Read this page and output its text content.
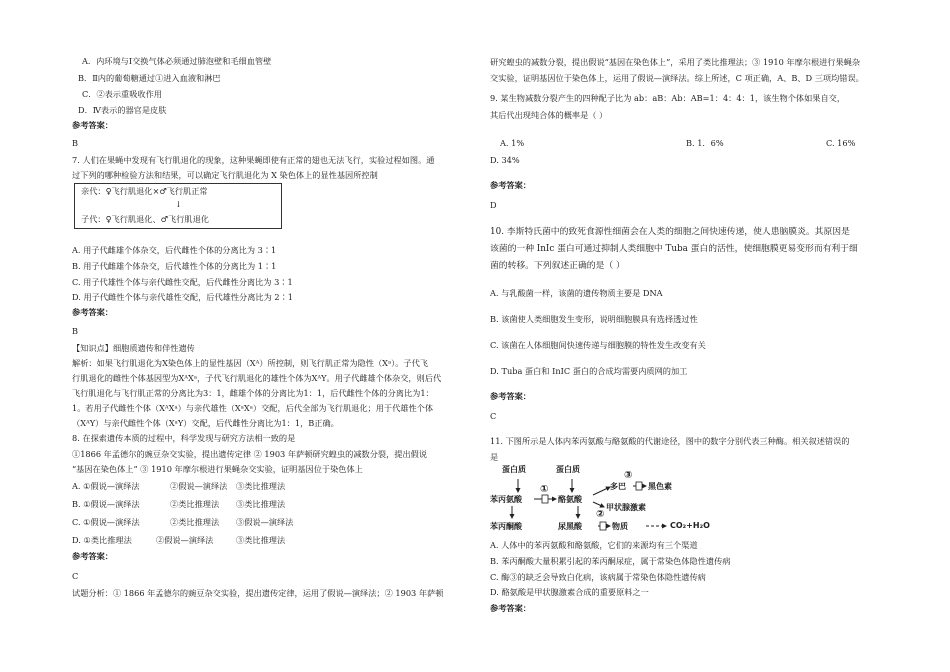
A．内环境与Ⅰ交换气体必须通过肺泡壁和毛细血管壁
B．Ⅱ内的葡萄糖通过①进入血液和淋巴
C．②表示重吸收作用
D．Ⅳ表示的器官是皮肤
参考答案：
B
7. 人们在果蝇中发现有飞行肌退化的现象，这种果蝇即使有正常的翅也无法飞行，实验过程如图。通
过下列的哪种检验方法和结果，可以确定飞行肌退化为 X 染色体上的显性基因所控制
亲代：♀飞行肌退化×♂飞行肌正常
↓
子代：♀飞行肌退化、♂飞行肌退化
A. 用子代雌雄个体杂交，后代雌性个体的分离比为 3∶1
B. 用子代雌雄个体杂交，后代雄性个体的分离比为 1∶1
C. 用子代雄性个体与亲代雌性交配，后代雌性分离比为 3∶1
D. 用子代雌性个体与亲代雄性交配，后代雄性分离比为 2∶1
参考答案：
B
【知识点】细胞质遗传和伴性遗传
解析：如果飞行肌退化为X染色体上的显性基因（Xᴬ）所控制，则飞行肌正常为隐性（Xᵃ）。子代飞
行肌退化的雌性个体基因型为XᴬXᵃ，子代飞行肌退化的雄性个体为XᴬY。用子代雌雄个体杂交，则后代
飞行肌退化与飞行肌正常的分离比为3：1，雌雄个体的分离比为1：1，后代雌性个体的分离比为1：
1。若用子代雌性个体（XᴬXᵃ）与亲代雄性（XᵃXᵃ）交配，后代全部为飞行肌退化；用于代雄性个体
（XᴬY）与亲代雌性个体（XᵃY）交配，后代雌性分离比为1：1，B正确。
8. 在探索遗传本质的过程中，科学发现与研究方法相一致的是
①1866 年孟德尔的豌豆杂交实验，提出遗传定律 ② 1903 年萨顿研究蝗虫的减数分裂，提出假说
“基因在染色体上” ③ 1910 年摩尔根进行果蝇杂交实验，证明基因位于染色体上
A. ①假说—演绎法	②假说—演绎法 ③类比推理法
B. ①假说—演绎法	②类比推理法 ③类比推理法
C. ①假说—演绎法	②类比推理法 ③假说—演绎法
D. ①类比推理法	②假说—演绎法	③类比推理法
参考答案：
C
试题分析：① 1866 年孟德尔的豌豆杂交实验，提出遗传定律，运用了假说—演绎法；② 1903 年萨顿
研究蝗虫的减数分裂，提出假说“基因在染色体上”，采用了类比推理法；③ 1910 年摩尔根进行果蝇杂
交实验，证明基因位于染色体上，运用了假说—演绎法。综上所述，C 项正确，A、B、D 三项均错误。
9. 某生物减数分裂产生的四种配子比为 ab：aB：Ab：AB=1：4：4：1，该生物个体如果自交，
其后代出现纯合体的概率是（ ）
A. 1%	B. 1．6%	C. 16%
D. 34%
参考答案：
D
10. 李斯特氏菌中的致死食源性细菌会在人类的细胞之间快速传递，使人患脑膜炎。其原因是
该菌的一种 InIc 蛋白可通过抑制人类细胞中 Tuba 蛋白的活性，使细胞膜更易变形而有利于细
菌的转移。下列叙述正确的是（ ）
A. 与乳酸菌一样，该菌的遗传物质主要是 DNA
B. 该菌使人类细胞发生变形，说明细胞膜具有选择透过性
C. 该菌在人体细胞间快速传递与细胞膜的特性发生改变有关
D. Tuba 蛋白和 InIC 蛋白的合成均需要内质网的加工
参考答案：
C
11. 下图所示是人体内苯丙氨酸与酪氨酸的代谢途径，图中的数字分别代表三种酶。相关叙述错误的
是
蛋白质	蛋白质
苯丙氨酸	酪氨酸
苯丙酮酸
多巴	黑色素
甲状腺激素
尿黑酸	物质	CO₂+H₂O
①
②
③
A. 人体中的苯丙氨酸和酪氨酸，它们的来源均有三个渠道
B. 苯丙酮酸大量积累引起的苯丙酮尿症，属于常染色体隐性遗传病
C. 酶③的缺乏会导致白化病，该病属于常染色体隐性遗传病
D. 酪氨酸是甲状腺激素合成的重要原料之一
参考答案：
